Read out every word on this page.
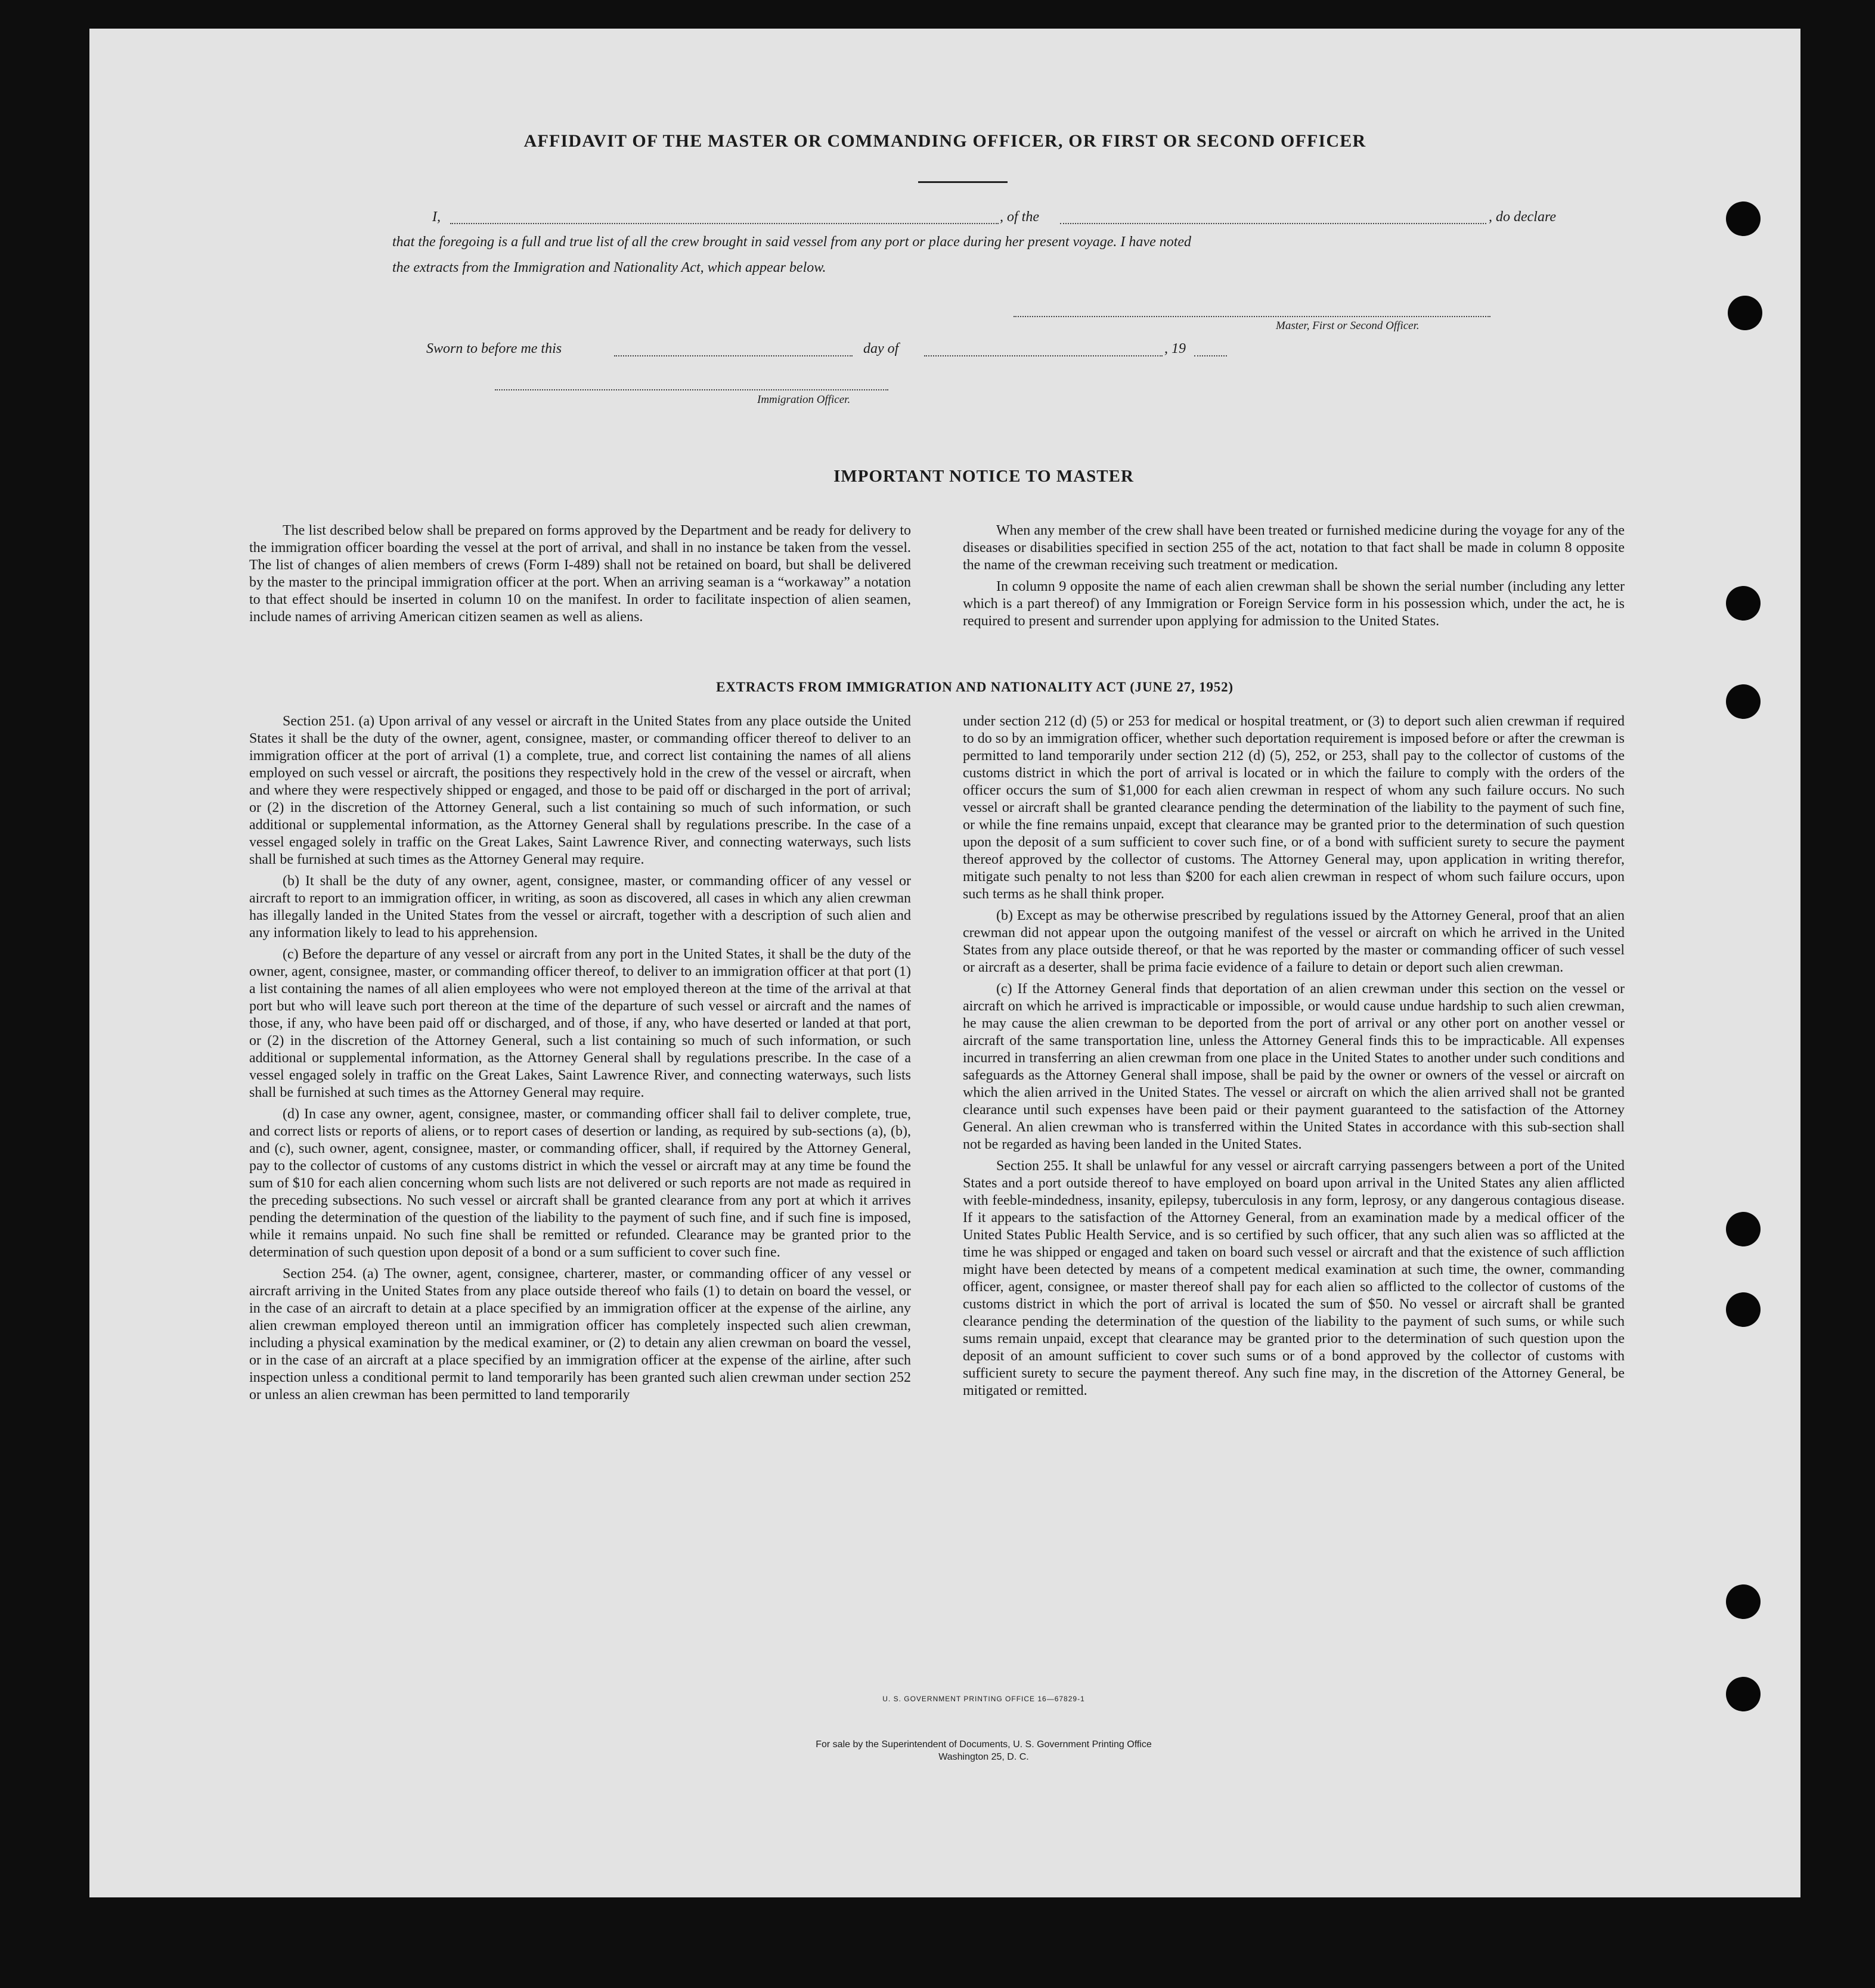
AFFIDAVIT OF THE MASTER OR COMMANDING OFFICER, OR FIRST OR SECOND OFFICER
I,	, of the	, do declare
that the foregoing is a full and true list of all the crew brought in said vessel from any port or place during her present voyage. I have noted
the extracts from the Immigration and Nationality Act, which appear below.
Master, First or Second Officer.
Sworn to before me this	day of	, 19
Immigration Officer.
IMPORTANT NOTICE TO MASTER

The list described below shall be prepared on forms approved by the Department and be ready for delivery to the immigration officer boarding the vessel at the port of arrival, and shall in no instance be taken from the vessel. The list of changes of alien members of crews (Form I-489) shall not be retained on board, but shall be delivered by the master to the principal immigration officer at the port. When an arriving seaman is a “workaway” a notation to that effect should be inserted in column 10 on the manifest. In order to facilitate inspection of alien seamen, include names of arriving American citizen seamen as well as aliens.

When any member of the crew shall have been treated or furnished medicine during the voyage for any of the diseases or disabilities specified in section 255 of the act, notation to that fact shall be made in column 8 opposite the name of the crewman receiving such treatment or medication.

In column 9 opposite the name of each alien crewman shall be shown the serial number (including any letter which is a part thereof) of any Immigration or Foreign Service form in his possession which, under the act, he is required to present and surrender upon applying for admission to the United States.

EXTRACTS FROM IMMIGRATION AND NATIONALITY ACT (JUNE 27, 1952)

Section 251. (a) Upon arrival of any vessel or aircraft in the United States from any place outside the United States it shall be the duty of the owner, agent, consignee, master, or commanding officer thereof to deliver to an immigration officer at the port of arrival (1) a complete, true, and correct list containing the names of all aliens employed on such vessel or aircraft, the positions they respectively hold in the crew of the vessel or aircraft, when and where they were respectively shipped or engaged, and those to be paid off or discharged in the port of arrival; or (2) in the discretion of the Attorney General, such a list containing so much of such information, or such additional or supplemental information, as the Attorney General shall by regulations prescribe. In the case of a vessel engaged solely in traffic on the Great Lakes, Saint Lawrence River, and connecting waterways, such lists shall be furnished at such times as the Attorney General may require.

(b) It shall be the duty of any owner, agent, consignee, master, or commanding officer of any vessel or aircraft to report to an immigration officer, in writing, as soon as discovered, all cases in which any alien crewman has illegally landed in the United States from the vessel or aircraft, together with a description of such alien and any information likely to lead to his apprehension.

(c) Before the departure of any vessel or aircraft from any port in the United States, it shall be the duty of the owner, agent, consignee, master, or commanding officer thereof, to deliver to an immigration officer at that port (1) a list containing the names of all alien employees who were not employed thereon at the time of the arrival at that port but who will leave such port thereon at the time of the departure of such vessel or aircraft and the names of those, if any, who have been paid off or discharged, and of those, if any, who have deserted or landed at that port, or (2) in the discretion of the Attorney General, such a list containing so much of such information, or such additional or supplemental information, as the Attorney General shall by regulations prescribe. In the case of a vessel engaged solely in traffic on the Great Lakes, Saint Lawrence River, and connecting waterways, such lists shall be furnished at such times as the Attorney General may require.

(d) In case any owner, agent, consignee, master, or commanding officer shall fail to deliver complete, true, and correct lists or reports of aliens, or to report cases of desertion or landing, as required by sub-sections (a), (b), and (c), such owner, agent, consignee, master, or commanding officer, shall, if required by the Attorney General, pay to the collector of customs of any customs district in which the vessel or aircraft may at any time be found the sum of $10 for each alien concerning whom such lists are not delivered or such reports are not made as required in the preceding subsections. No such vessel or aircraft shall be granted clearance from any port at which it arrives pending the determination of the question of the liability to the payment of such fine, and if such fine is imposed, while it remains unpaid. No such fine shall be remitted or refunded. Clearance may be granted prior to the determination of such question upon deposit of a bond or a sum sufficient to cover such fine.

Section 254. (a) The owner, agent, consignee, charterer, master, or commanding officer of any vessel or aircraft arriving in the United States from any place outside thereof who fails (1) to detain on board the vessel, or in the case of an aircraft to detain at a place specified by an immigration officer at the expense of the airline, any alien crewman employed thereon until an immigration officer has completely inspected such alien crewman, including a physical examination by the medical examiner, or (2) to detain any alien crewman on board the vessel, or in the case of an aircraft at a place specified by an immigration officer at the expense of the airline, after such inspection unless a conditional permit to land temporarily has been granted such alien crewman under section 252 or unless an alien crewman has been permitted to land temporarily

under section 212 (d) (5) or 253 for medical or hospital treatment, or (3) to deport such alien crewman if required to do so by an immigration officer, whether such deportation requirement is imposed before or after the crewman is permitted to land temporarily under section 212 (d) (5), 252, or 253, shall pay to the collector of customs of the customs district in which the port of arrival is located or in which the failure to comply with the orders of the officer occurs the sum of $1,000 for each alien crewman in respect of whom any such failure occurs. No such vessel or aircraft shall be granted clearance pending the determination of the liability to the payment of such fine, or while the fine remains unpaid, except that clearance may be granted prior to the determination of such question upon the deposit of a sum sufficient to cover such fine, or of a bond with sufficient surety to secure the payment thereof approved by the collector of customs. The Attorney General may, upon application in writing therefor, mitigate such penalty to not less than $200 for each alien crewman in respect of whom such failure occurs, upon such terms as he shall think proper.

(b) Except as may be otherwise prescribed by regulations issued by the Attorney General, proof that an alien crewman did not appear upon the outgoing manifest of the vessel or aircraft on which he arrived in the United States from any place outside thereof, or that he was reported by the master or commanding officer of such vessel or aircraft as a deserter, shall be prima facie evidence of a failure to detain or deport such alien crewman.

(c) If the Attorney General finds that deportation of an alien crewman under this section on the vessel or aircraft on which he arrived is impracticable or impossible, or would cause undue hardship to such alien crewman, he may cause the alien crewman to be deported from the port of arrival or any other port on another vessel or aircraft of the same transportation line, unless the Attorney General finds this to be impracticable. All expenses incurred in transferring an alien crewman from one place in the United States to another under such conditions and safeguards as the Attorney General shall impose, shall be paid by the owner or owners of the vessel or aircraft on which the alien arrived in the United States. The vessel or aircraft on which the alien arrived shall not be granted clearance until such expenses have been paid or their payment guaranteed to the satisfaction of the Attorney General. An alien crewman who is transferred within the United States in accordance with this sub-section shall not be regarded as having been landed in the United States.

Section 255. It shall be unlawful for any vessel or aircraft carrying passengers between a port of the United States and a port outside thereof to have employed on board upon arrival in the United States any alien afflicted with feeble-mindedness, insanity, epilepsy, tuberculosis in any form, leprosy, or any dangerous contagious disease. If it appears to the satisfaction of the Attorney General, from an examination made by a medical officer of the United States Public Health Service, and is so certified by such officer, that any such alien was so afflicted at the time he was shipped or engaged and taken on board such vessel or aircraft and that the existence of such affliction might have been detected by means of a competent medical examination at such time, the owner, commanding officer, agent, consignee, or master thereof shall pay for each alien so afflicted to the collector of customs of the customs district in which the port of arrival is located the sum of $50. No vessel or aircraft shall be granted clearance pending the determination of the question of the liability to the payment of such sums, or while such sums remain unpaid, except that clearance may be granted prior to the determination of such question upon the deposit of an amount sufficient to cover such sums or of a bond approved by the collector of customs with sufficient surety to secure the payment thereof. Any such fine may, in the discretion of the Attorney General, be mitigated or remitted.

U. S. GOVERNMENT PRINTING OFFICE 16—67829-1
For sale by the Superintendent of Documents, U. S. Government Printing Office
Washington 25, D. C.
